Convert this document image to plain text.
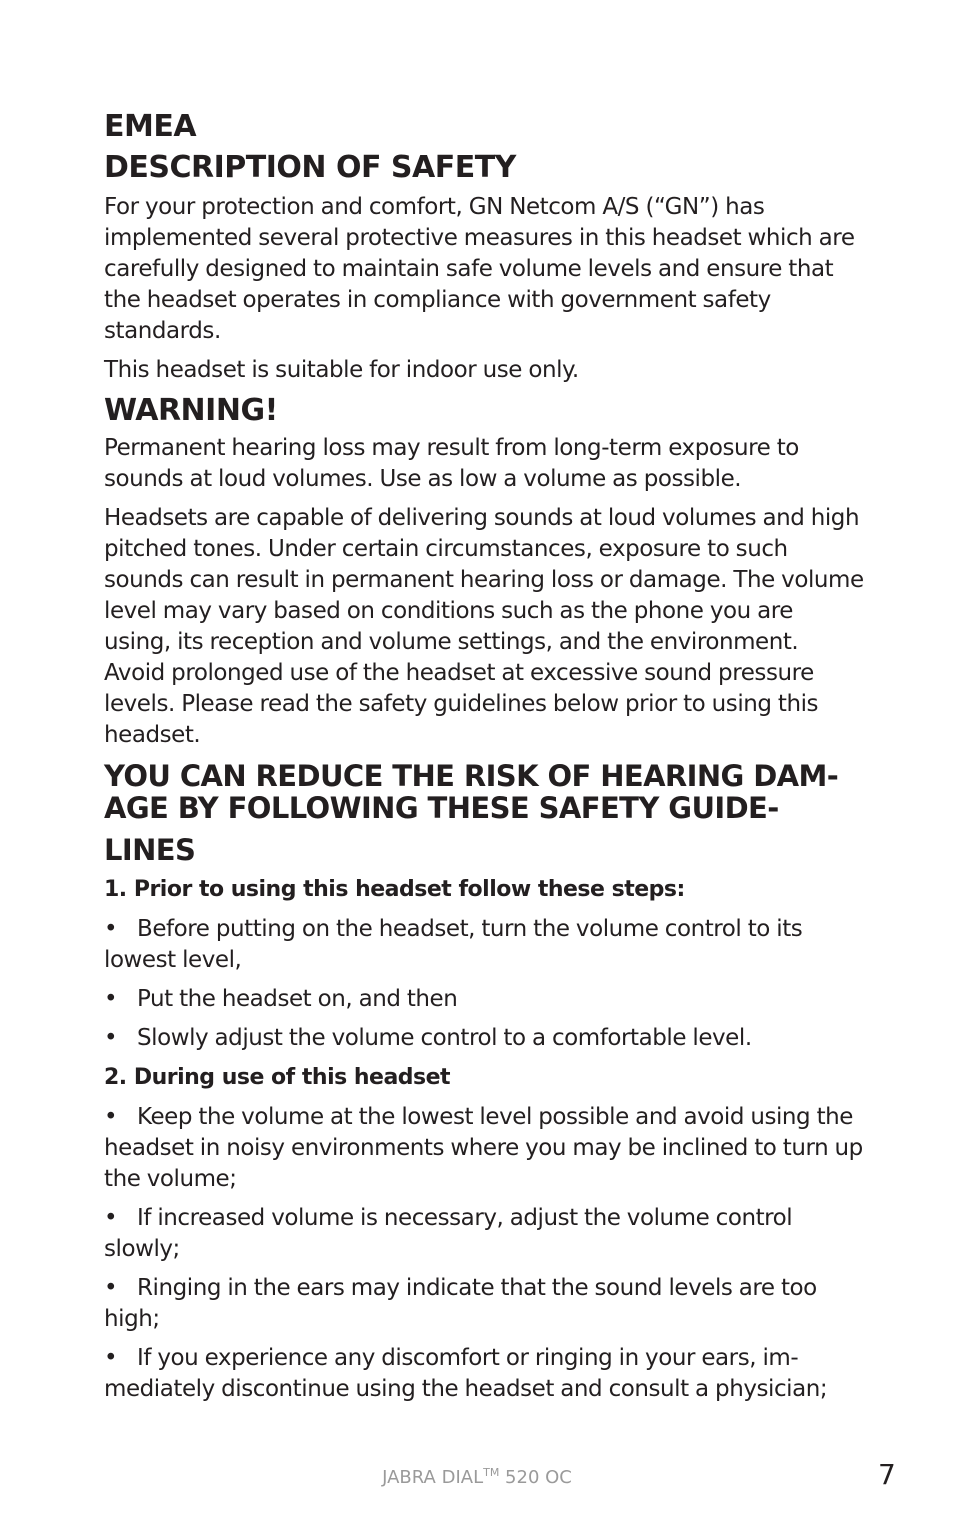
EMEA
DESCRIPTION OF SAFETY

For your protection and comfort, GN Netcom A/S (“GN”) has implemented several protective measures in this headset which are carefully designed to maintain safe volume levels and ensure that the headset operates in compliance with government safety standards.

This headset is suitable for indoor use only.

WARNING!

Permanent hearing loss may result from long-term exposure to sounds at loud volumes. Use as low a volume as possible.

Headsets are capable of delivering sounds at loud volumes and high pitched tones. Under certain circumstances, exposure to such sounds can result in permanent hearing loss or damage. The volume level may vary based on conditions such as the phone you are using, its reception and volume settings, and the environment. Avoid prolonged use of the headset at excessive sound pressure levels. Please read the safety guidelines below prior to using this headset.

YOU CAN REDUCE THE RISK OF HEARING DAM-
AGE BY FOLLOWING THESE SAFETY GUIDE-
LINES

1. Prior to using this headset follow these steps:

• Before putting on the headset, turn the volume control to its lowest level,

• Put the headset on, and then

• Slowly adjust the volume control to a comfortable level.

2. During use of this headset

• Keep the volume at the lowest level possible and avoid using the headset in noisy environments where you may be inclined to turn up the volume;

• If increased volume is necessary, adjust the volume control slowly;

• Ringing in the ears may indicate that the sound levels are too high;

• If you experience any discomfort or ringing in your ears, im-mediately discontinue using the headset and consult a physician;

JABRA DIAL™ 520 OC	7
